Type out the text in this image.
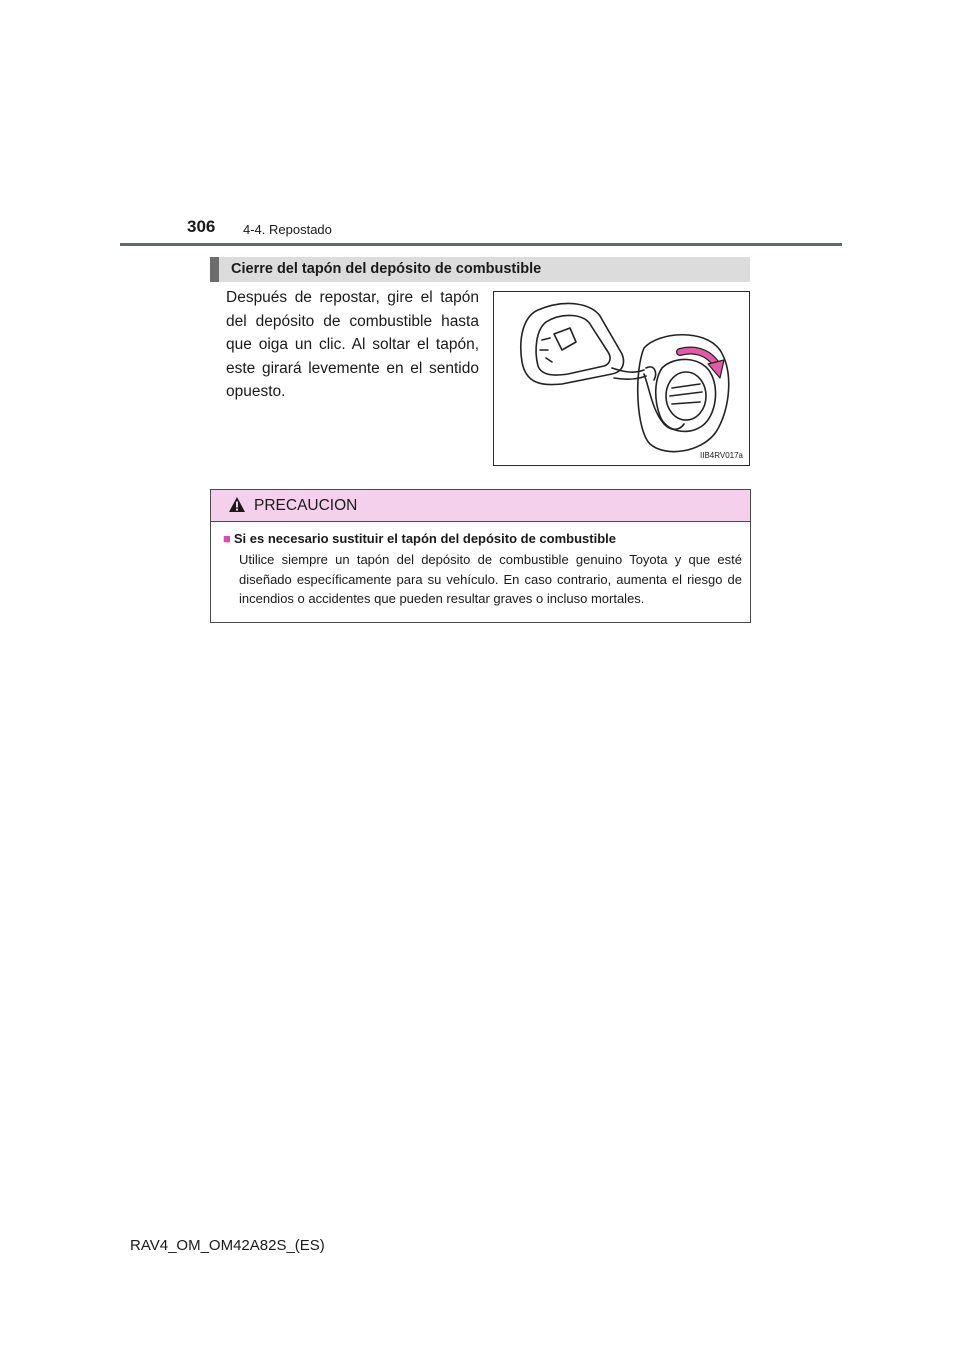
306 4-4. Repostado
Cierre del tapón del depósito de combustible
Después de repostar, gire el tapón del depósito de combustible hasta que oiga un clic. Al soltar el tapón, este girará levemente en el sentido opuesto.
IIB4RV017a
PRECAUCION
■ Si es necesario sustituir el tapón del depósito de combustible
Utilice siempre un tapón del depósito de combustible genuino Toyota y que esté diseñado específicamente para su vehículo. En caso contrario, aumenta el riesgo de incendios o accidentes que pueden resultar graves o incluso mortales.
RAV4_OM_OM42A82S_(ES)
